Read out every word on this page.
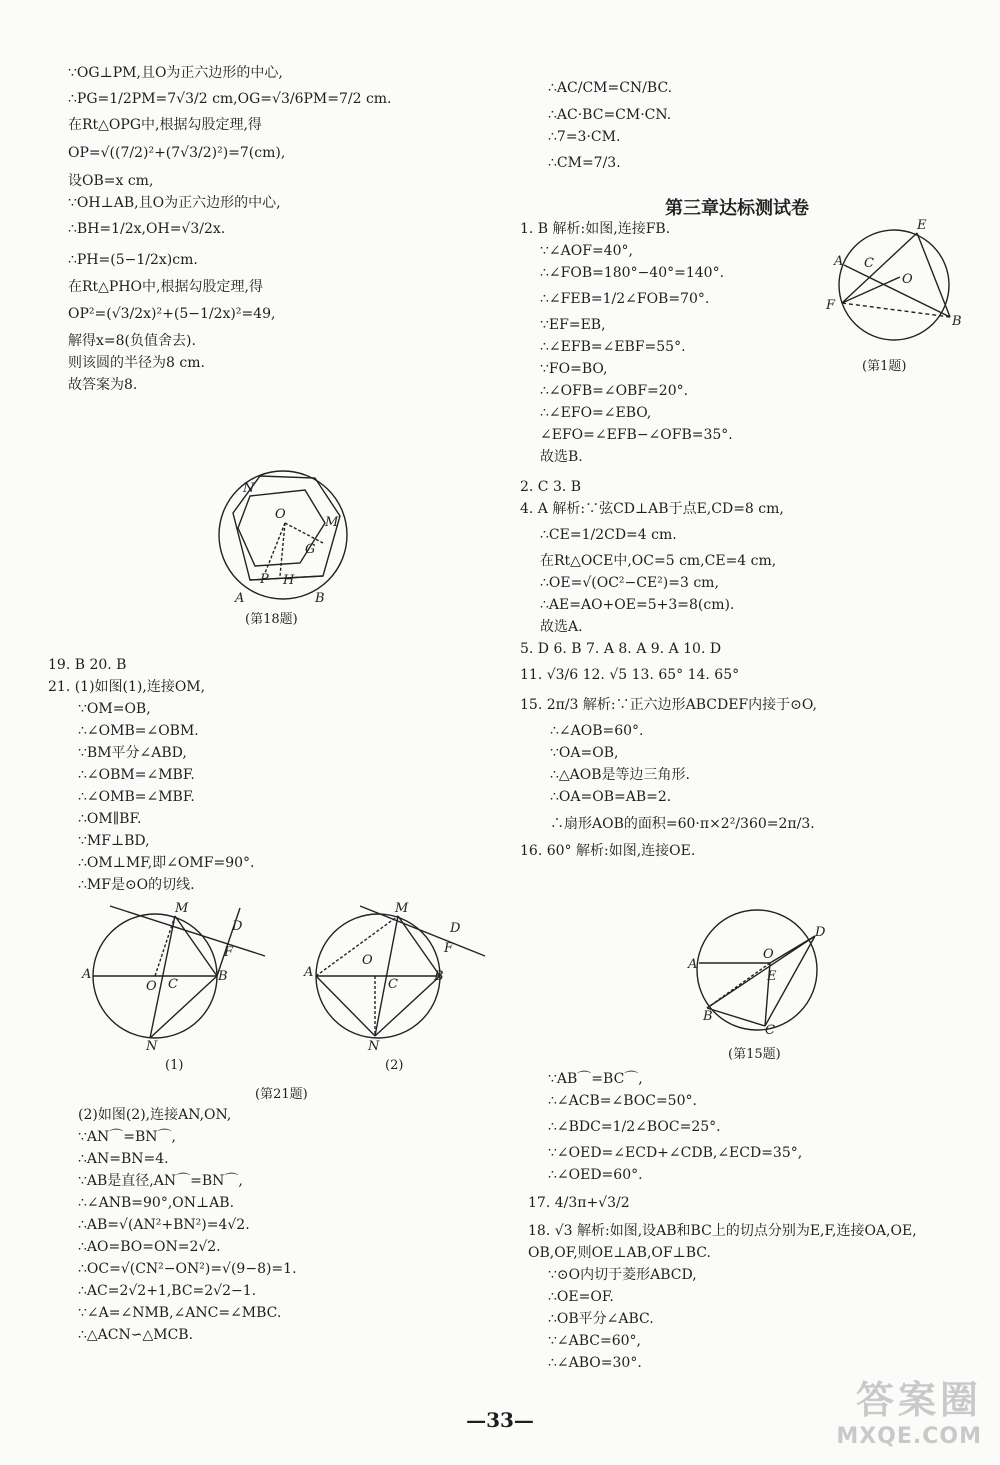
∵OG⊥PM,且O为正六边形的中心,
∴PG=1/2PM=7√3/2 cm,OG=√3/6PM=7/2 cm.
在Rt△OPG中,根据勾股定理,得
OP=√((7/2)²+(7√3/2)²)=7(cm),
设OB=x cm,
∵OH⊥AB,且O为正六边形的中心,
∴BH=1/2x,OH=√3/2x.
∴PH=(5−1/2x)cm.
在Rt△PHO中,根据勾股定理,得
OP²=(√3/2x)²+(5−1/2x)²=49,
解得x=8(负值舍去).
则该圆的半径为8 cm.
故答案为8.
N
O
M
G
P H
A	B
(第18题)
19. B 20. B
21. (1)如图(1),连接OM,
∵OM=OB,
∴∠OMB=∠OBM.
∵BM平分∠ABD,
∴∠OBM=∠MBF.
∴∠OMB=∠MBF.
∴OM∥BF.
∵MF⊥BD,
∴OM⊥MF,即∠OMF=90°.
∴MF是⊙O的切线.
M
D
F
A
O C
B
N
M
D
F
A
O
C
B
N
(1)	(2)
(第21题)
(2)如图(2),连接AN,ON,
∵AN⌒=BN⌒,
∴AN=BN=4.
∵AB是直径,AN⌒=BN⌒,
∴∠ANB=90°,ON⊥AB.
∴AB=√(AN²+BN²)=4√2.
∴AO=BO=ON=2√2.
∴OC=√(CN²−ON²)=√(9−8)=1.
∴AC=2√2+1,BC=2√2−1.
∵∠A=∠NMB,∠ANC=∠MBC.
∴△ACN∽△MCB.
∴AC/CM=CN/BC.
∴AC·BC=CM·CN.
∴7=3·CM.
∴CM=7/3.
第三章达标测试卷
1. B 解析:如图,连接FB.
∵∠AOF=40°,
∴∠FOB=180°−40°=140°.
∴∠FEB=1/2∠FOB=70°.
∵EF=EB,
∴∠EFB=∠EBF=55°.
∵FO=BO,
∴∠OFB=∠OBF=20°.
∴∠EFO=∠EBO,
∠EFO=∠EFB−∠OFB=35°.
故选B.
E
A C
O
F
B
(第1题)
2. C 3. B
4. A 解析:∵弦CD⊥AB于点E,CD=8 cm,
∴CE=1/2CD=4 cm.
在Rt△OCE中,OC=5 cm,CE=4 cm,
∴OE=√(OC²−CE²)=3 cm,
∴AE=AO+OE=5+3=8(cm).
故选A.
5. D 6. B 7. A 8. A 9. A 10. D
11. √3/6 12. √5 13. 65° 14. 65°
15. 2π/3 解析:∵正六边形ABCDEF内接于⊙O,
∴∠AOB=60°.
∵OA=OB,
∴△AOB是等边三角形.
∴OA=OB=AB=2.
∴扇形AOB的面积=60·π×2²/360=2π/3.
16. 60° 解析:如图,连接OE.
D
A
O
E
B
C
(第15题)
∵AB⌒=BC⌒,
∴∠ACB=∠BOC=50°.
∴∠BDC=1/2∠BOC=25°.
∵∠OED=∠ECD+∠CDB,∠ECD=35°,
∴∠OED=60°.
17. 4/3π+√3/2
18. √3 解析:如图,设AB和BC上的切点分别为E,F,连接OA,OE,
OB,OF,则OE⊥AB,OF⊥BC.
∵⊙O内切于菱形ABCD,
∴OE=OF.
∴OB平分∠ABC.
∵∠ABC=60°,
∴∠ABO=30°.
—33—	答案圈
MXQE.COM
